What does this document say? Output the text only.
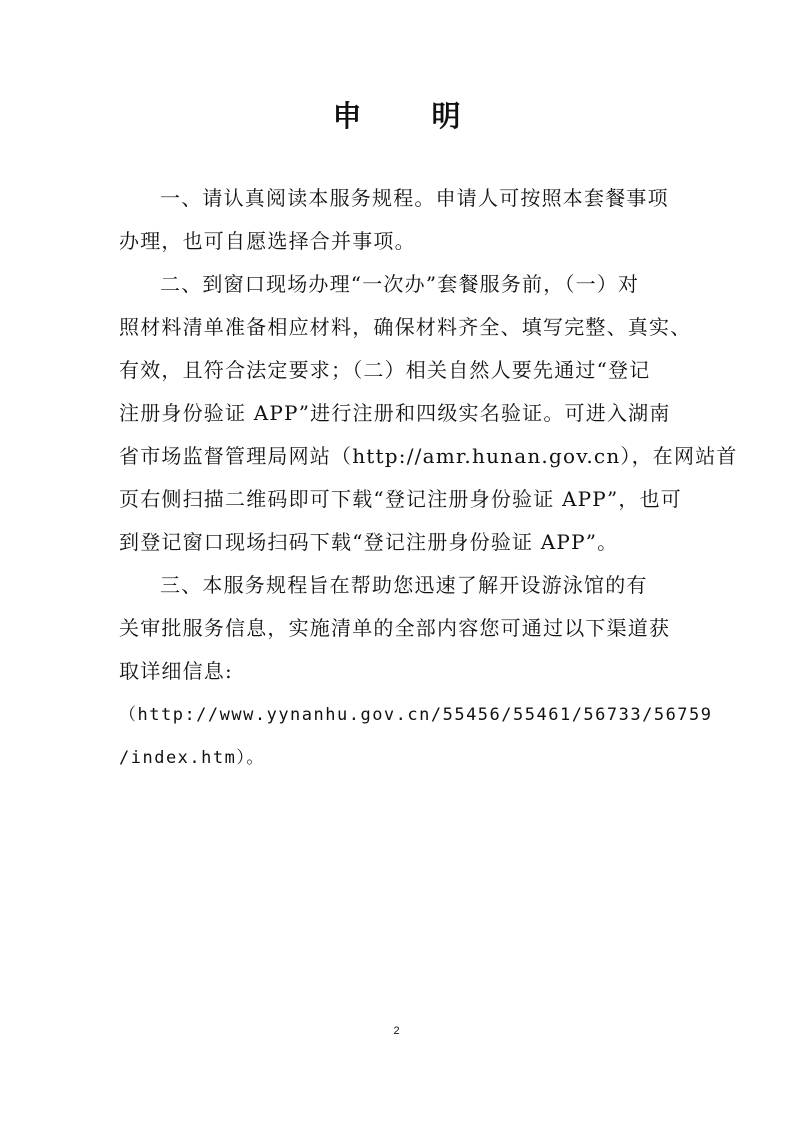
申 明
一、请认真阅读本服务规程。申请人可按照本套餐事项
办理，也可自愿选择合并事项。
二、到窗口现场办理“一次办”套餐服务前，（一）对
照材料清单准备相应材料，确保材料齐全、填写完整、真实、
有效，且符合法定要求；（二）相关自然人要先通过“登记
注册身份验证 APP”进行注册和四级实名验证。可进入湖南
省市场监督管理局网站（http://amr.hunan.gov.cn），在网站首
页右侧扫描二维码即可下载“登记注册身份验证 APP”，也可
到登记窗口现场扫码下载“登记注册身份验证 APP”。
三、本服务规程旨在帮助您迅速了解开设游泳馆的有
关审批服务信息，实施清单的全部内容您可通过以下渠道获
取详细信息:
（http://www.yynanhu.gov.cn/55456/55461/56733/56759
/index.htm）。
2
